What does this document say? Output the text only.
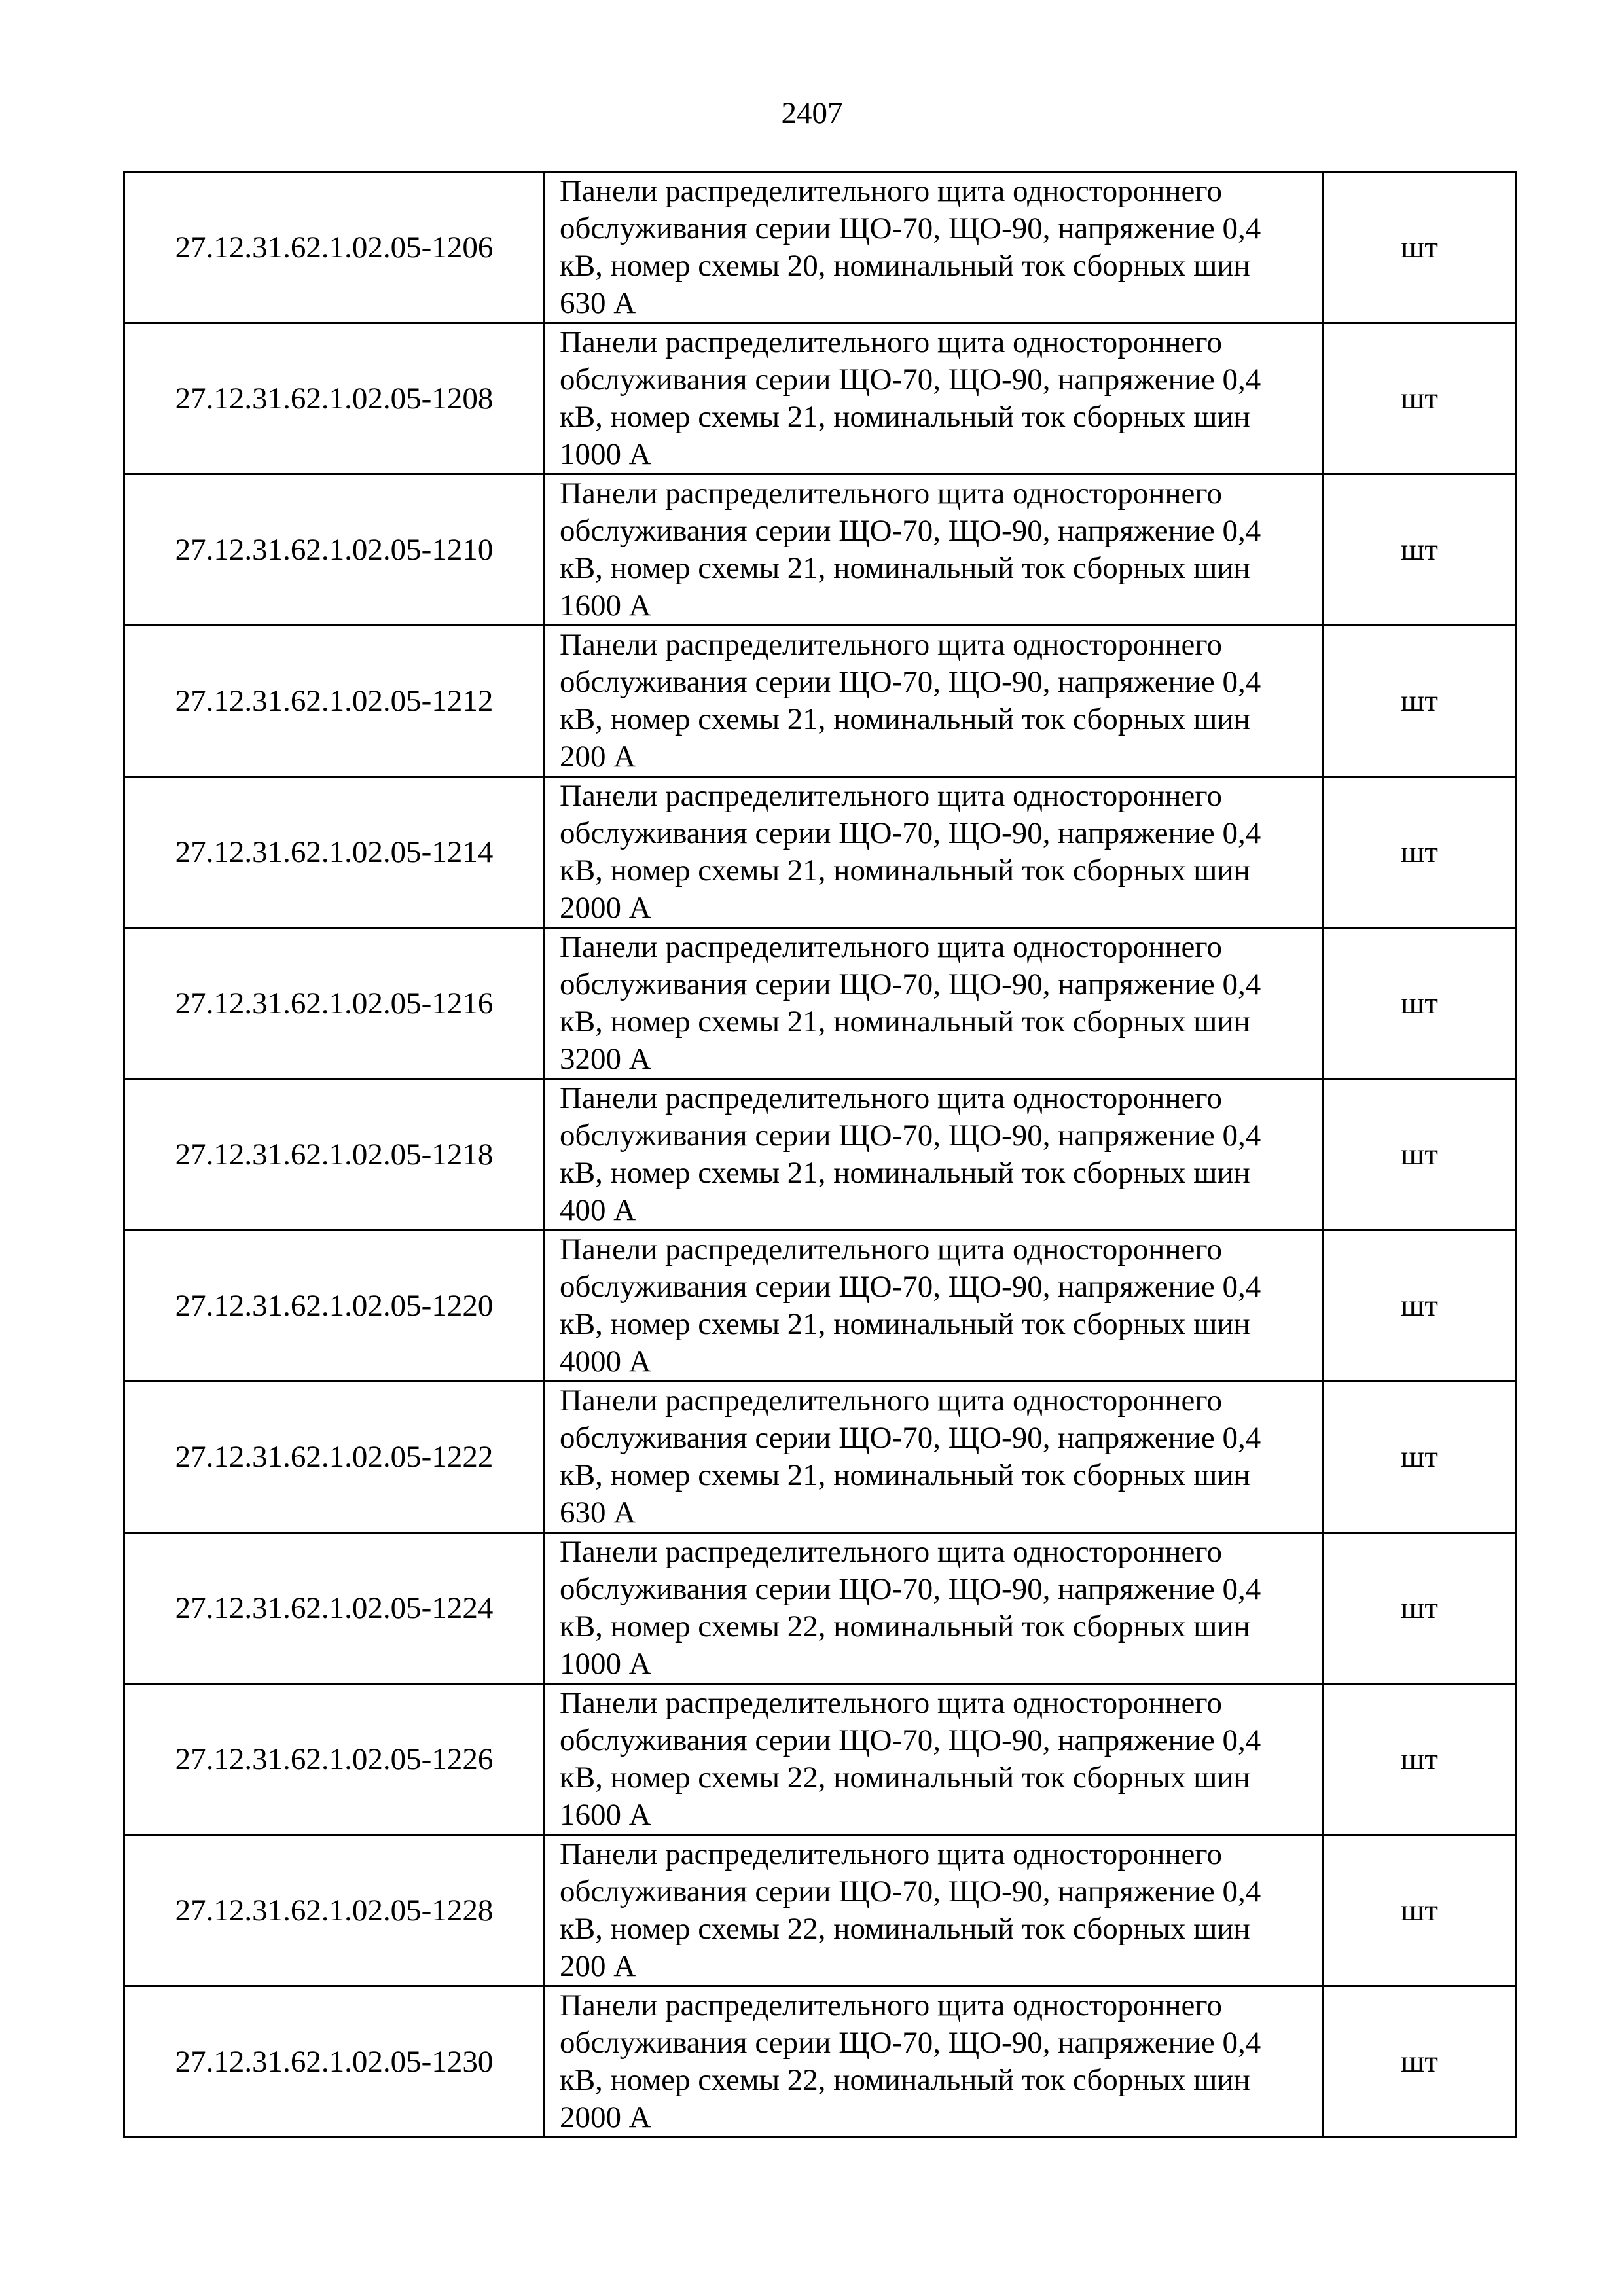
2407
27.12.31.62.1.02.05-1206	Панели распределительного щита одностороннего
обслуживания серии ЩО-70, ЩО-90, напряжение 0,4
кВ, номер схемы 20, номинальный ток сборных шин
630 А	шт
27.12.31.62.1.02.05-1208	Панели распределительного щита одностороннего
обслуживания серии ЩО-70, ЩО-90, напряжение 0,4
кВ, номер схемы 21, номинальный ток сборных шин
1000 А	шт
27.12.31.62.1.02.05-1210	Панели распределительного щита одностороннего
обслуживания серии ЩО-70, ЩО-90, напряжение 0,4
кВ, номер схемы 21, номинальный ток сборных шин
1600 А	шт
27.12.31.62.1.02.05-1212	Панели распределительного щита одностороннего
обслуживания серии ЩО-70, ЩО-90, напряжение 0,4
кВ, номер схемы 21, номинальный ток сборных шин
200 А	шт
27.12.31.62.1.02.05-1214	Панели распределительного щита одностороннего
обслуживания серии ЩО-70, ЩО-90, напряжение 0,4
кВ, номер схемы 21, номинальный ток сборных шин
2000 А	шт
27.12.31.62.1.02.05-1216	Панели распределительного щита одностороннего
обслуживания серии ЩО-70, ЩО-90, напряжение 0,4
кВ, номер схемы 21, номинальный ток сборных шин
3200 А	шт
27.12.31.62.1.02.05-1218	Панели распределительного щита одностороннего
обслуживания серии ЩО-70, ЩО-90, напряжение 0,4
кВ, номер схемы 21, номинальный ток сборных шин
400 А	шт
27.12.31.62.1.02.05-1220	Панели распределительного щита одностороннего
обслуживания серии ЩО-70, ЩО-90, напряжение 0,4
кВ, номер схемы 21, номинальный ток сборных шин
4000 А	шт
27.12.31.62.1.02.05-1222	Панели распределительного щита одностороннего
обслуживания серии ЩО-70, ЩО-90, напряжение 0,4
кВ, номер схемы 21, номинальный ток сборных шин
630 А	шт
27.12.31.62.1.02.05-1224	Панели распределительного щита одностороннего
обслуживания серии ЩО-70, ЩО-90, напряжение 0,4
кВ, номер схемы 22, номинальный ток сборных шин
1000 А	шт
27.12.31.62.1.02.05-1226	Панели распределительного щита одностороннего
обслуживания серии ЩО-70, ЩО-90, напряжение 0,4
кВ, номер схемы 22, номинальный ток сборных шин
1600 А	шт
27.12.31.62.1.02.05-1228	Панели распределительного щита одностороннего
обслуживания серии ЩО-70, ЩО-90, напряжение 0,4
кВ, номер схемы 22, номинальный ток сборных шин
200 А	шт
27.12.31.62.1.02.05-1230	Панели распределительного щита одностороннего
обслуживания серии ЩО-70, ЩО-90, напряжение 0,4
кВ, номер схемы 22, номинальный ток сборных шин
2000 А	шт
